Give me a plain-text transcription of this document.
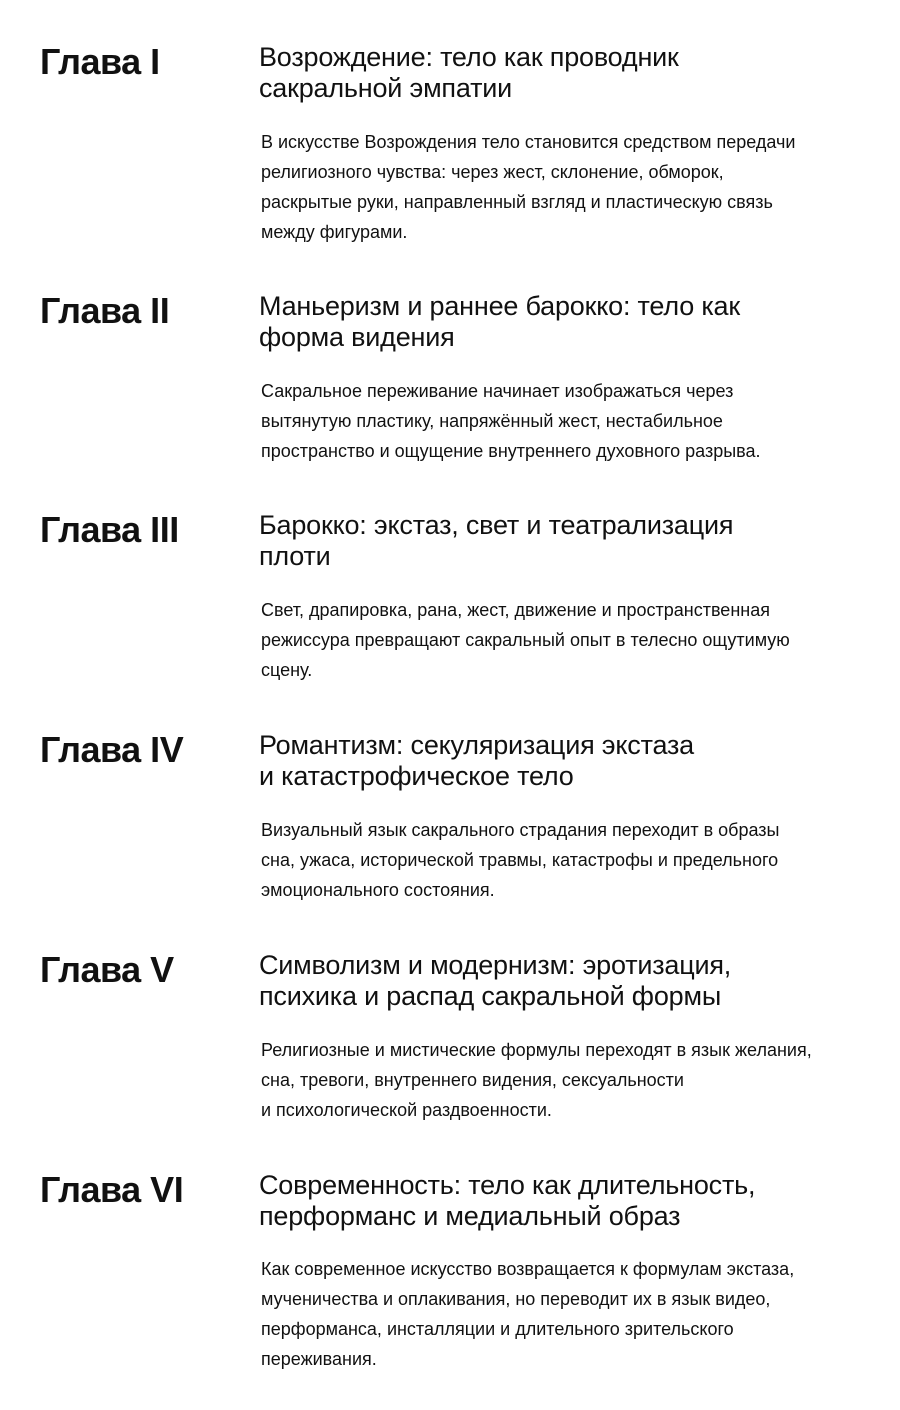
Глава I	Возрождение: тело как проводник
сакральной эмпатии

В искусстве Возрождения тело становится средством передачи
религиозного чувства: через жест, склонение, обморок,
раскрытые руки, направленный взгляд и пластическую связь
между фигурами.

Глава II	Маньеризм и раннее барокко: тело как
форма видения

Сакральное переживание начинает изображаться через
вытянутую пластику, напряжённый жест, нестабильное
пространство и ощущение внутреннего духовного разрыва.

Глава III	Барокко: экстаз, свет и театрализация
плоти

Свет, драпировка, рана, жест, движение и пространственная
режиссура превращают сакральный опыт в телесно ощутимую
сцену.

Глава IV	Романтизм: секуляризация экстаза
и катастрофическое тело

Визуальный язык сакрального страдания переходит в образы
сна, ужаса, исторической травмы, катастрофы и предельного
эмоционального состояния.

Глава V	Символизм и модернизм: эротизация,
психика и распад сакральной формы

Религиозные и мистические формулы переходят в язык желания,
сна, тревоги, внутреннего видения, сексуальности
и психологической раздвоенности.

Глава VI	Современность: тело как длительность,
перформанс и медиальный образ

Как современное искусство возвращается к формулам экстаза,
мученичества и оплакивания, но переводит их в язык видео,
перформанса, инсталляции и длительного зрительского
переживания.
